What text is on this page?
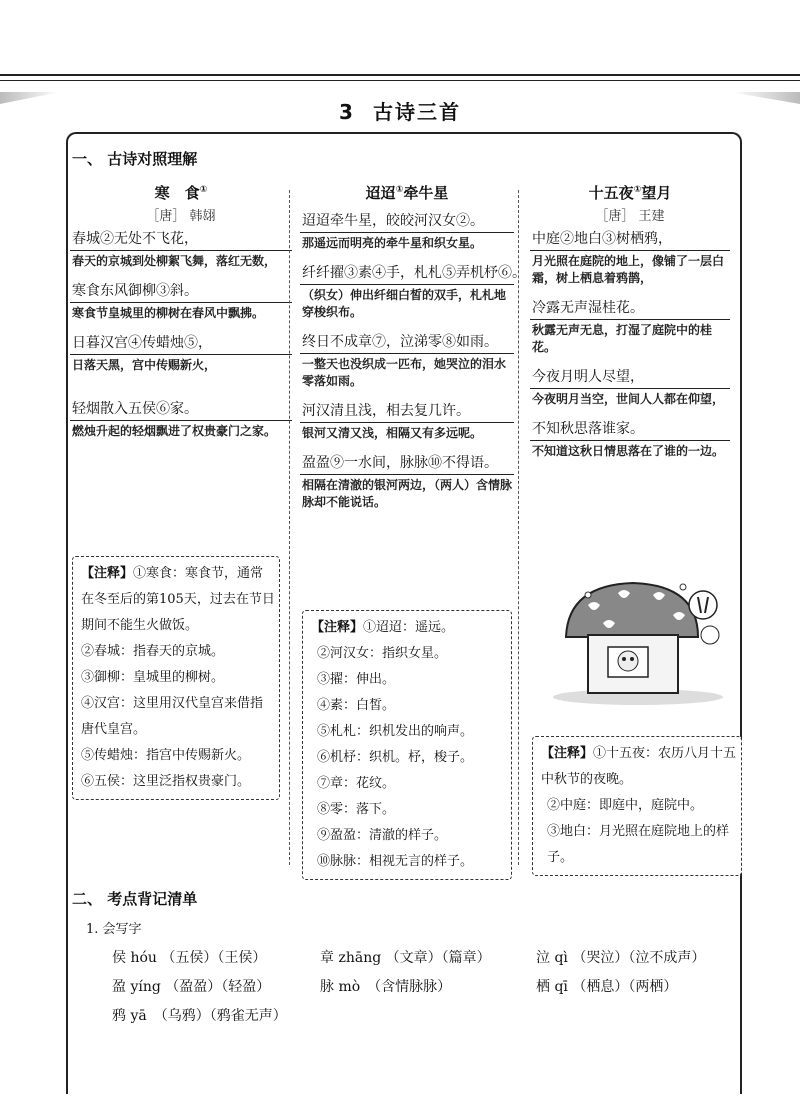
3 古诗三首
一、 古诗对照理解
寒　食①
［唐］ 韩翃
春城②无处不飞花，
春天的京城到处柳絮飞舞，落红无数，
寒食东风御柳③斜。
寒食节皇城里的柳树在春风中飘拂。
日暮汉宫④传蜡烛⑤，
日落天黑，宫中传赐新火，
轻烟散入五侯⑥家。
燃烛升起的轻烟飘进了权贵豪门之家。
迢迢①牵牛星
迢迢牵牛星，皎皎河汉女②。
那遥远而明亮的牵牛星和织女星。
纤纤擢③素④手，札札⑤弄机杼⑥。
（织女）伸出纤细白皙的双手，札札地穿梭织布。
终日不成章⑦，泣涕零⑧如雨。
一整天也没织成一匹布，她哭泣的泪水零落如雨。
河汉清且浅，相去复几许。
银河又清又浅，相隔又有多远呢。
盈盈⑨一水间，脉脉⑩不得语。
相隔在清澈的银河两边，（两人）含情脉脉却不能说话。
十五夜①望月
［唐］ 王建
中庭②地白③树栖鸦，
月光照在庭院的地上，像铺了一层白霜，树上栖息着鸦鹊，
冷露无声湿桂花。
秋露无声无息，打湿了庭院中的桂花。
今夜月明人尽望，
今夜明月当空，世间人人都在仰望，
不知秋思落谁家。
不知道这秋日情思落在了谁的一边。

【注释】①寒食：寒食节，通常在冬至后的第105天，过去在节日期间不能生火做饭。

②春城：指春天的京城。

③御柳：皇城里的柳树。

④汉宫：这里用汉代皇宫来借指唐代皇宫。

⑤传蜡烛：指宫中传赐新火。

⑥五侯：这里泛指权贵豪门。

【注释】①迢迢：遥远。

②河汉女：指织女星。

③擢：伸出。

④素：白皙。

⑤札札：织机发出的响声。

⑥机杼：织机。杼，梭子。

⑦章：花纹。

⑧零：落下。

⑨盈盈：清澈的样子。

⑩脉脉：相视无言的样子。

【注释】①十五夜：农历八月十五中秋节的夜晚。

②中庭：即庭中，庭院中。

③地白：月光照在庭院地上的样子。

二、 考点背记清单
1. 会写字
侯 hóu （五侯）（王侯）	章 zhāng （文章）（篇章）	泣 qì （哭泣）（泣不成声）
盈 yíng （盈盈）（轻盈）	脉 mò　（含情脉脉）	栖 qī （栖息）（两栖）
鸦 yā　（乌鸦）（鸦雀无声）
